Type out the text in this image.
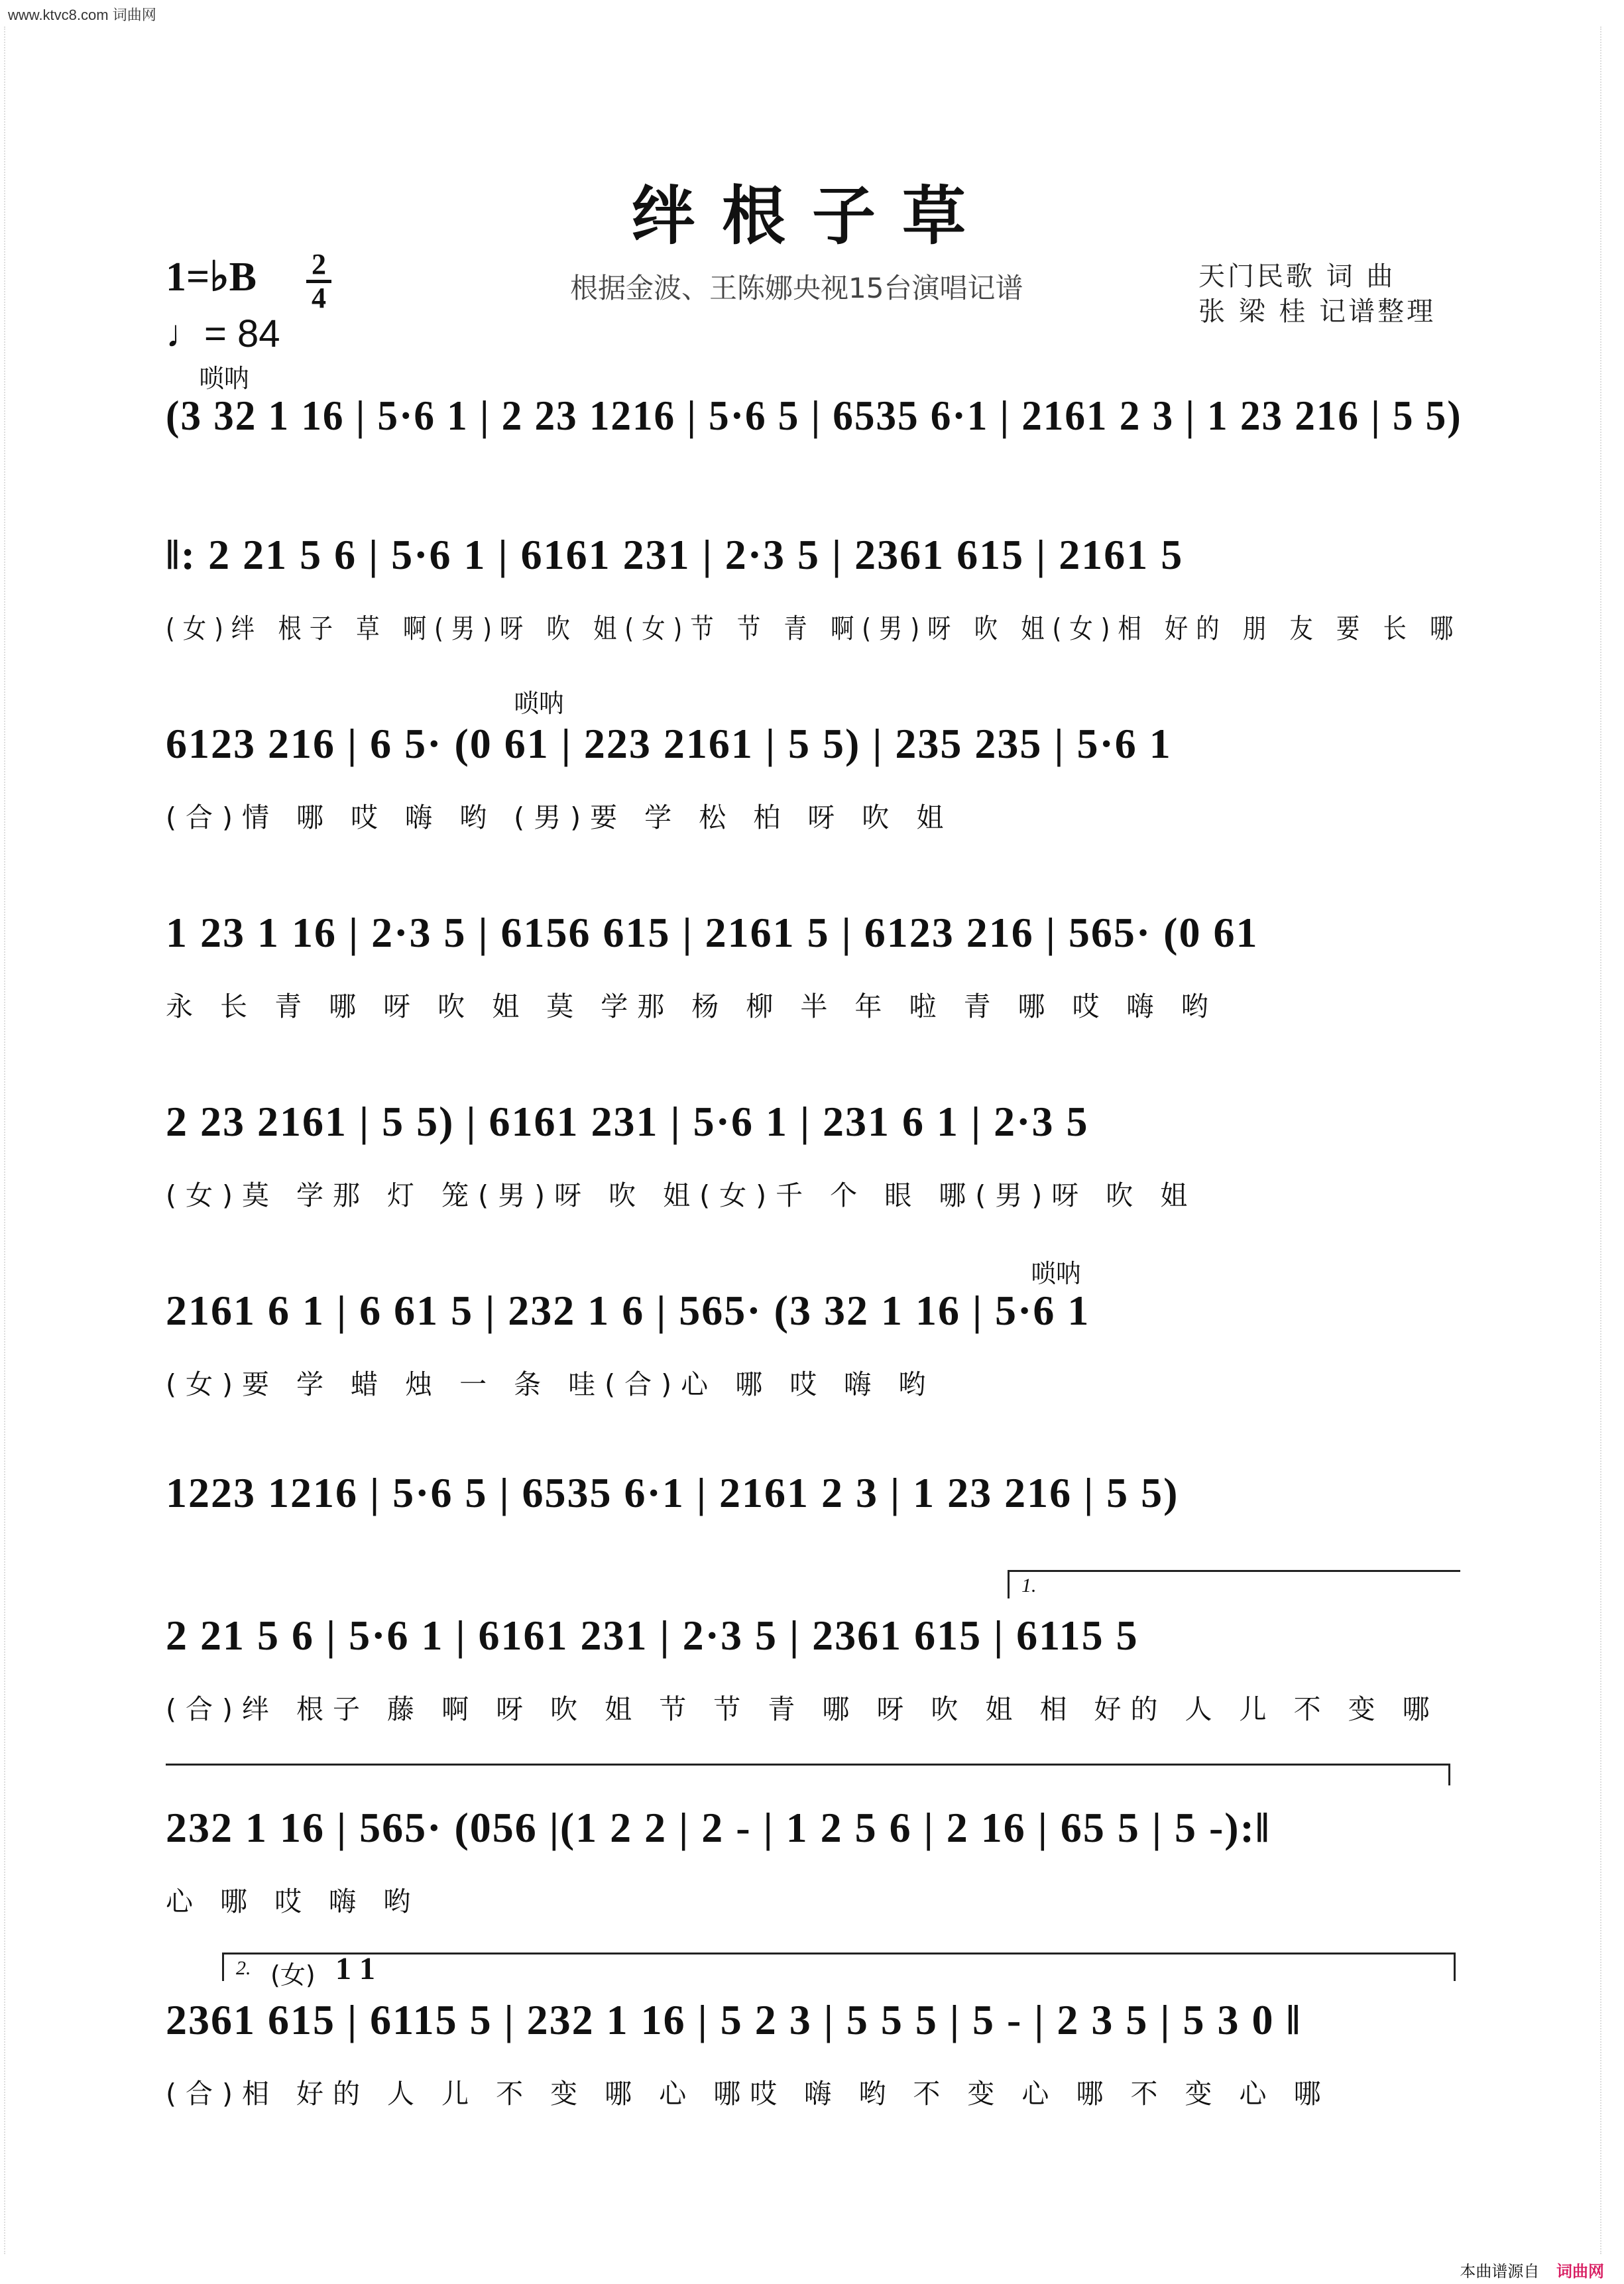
www.ktvc8.com 词曲网
绊根子草
1=♭B 2
4
♩= 84
根据金波、王陈娜央视15台演唱记谱	天门民歌 词 曲
张 梁 桂 记谱整理
唢呐
唢呐
唢呐
(3 32 1 16 | 5·6 1 | 2 23 1216 | 5·6 5 | 6535 6·1 | 2161 2 3 | 1 23 216 | 5 5)
‖: 2 21 5 6 | 5·6 1 | 6161 231 | 2·3 5 | 2361 615 | 2161 5
(女)绊 根子 草 啊(男)呀 吹 姐(女)节 节 青 啊(男)呀 吹 姐(女)相 好的 朋 友 要 长 哪
6123 216 | 6 5· (0 61 | 223 2161 | 5 5) | 235 235 | 5·6 1
(合)情 哪 哎 嗨 哟 (男)要 学 松 柏 呀 吹 姐
1 23 1 16 | 2·3 5 | 6156 615 | 2161 5 | 6123 216 | 565· (0 61
永 长 青 哪 呀 吹 姐 莫 学那 杨 柳 半 年 啦 青 哪 哎 嗨 哟
2 23 2161 | 5 5) | 6161 231 | 5·6 1 | 231 6 1 | 2·3 5
(女)莫 学那 灯 笼(男)呀 吹 姐(女)千 个 眼 哪(男)呀 吹 姐
2161 6 1 | 6 61 5 | 232 1 6 | 565· (3 32 1 16 | 5·6 1
(女)要 学 蜡 烛 一 条 哇(合)心 哪 哎 嗨 哟
1223 1216 | 5·6 5 | 6535 6·1 | 2161 2 3 | 1 23 216 | 5 5)
1.
2 21 5 6 | 5·6 1 | 6161 231 | 2·3 5 | 2361 615 | 6115 5
(合)绊 根子 藤 啊 呀 吹 姐 节 节 青 哪 呀 吹 姐 相 好的 人 儿 不 变 哪
232 1 16 | 565· (056 |(1 2 2 | 2 - | 1 2 5 6 | 2 16 | 65 5 | 5 -):‖
心 哪 哎 嗨 哟
2. (女) 1 1
2361 615 | 6115 5 | 232 1 16 | 5 2 3 | 5 5 5 | 5 - | 2 3 5 | 5 3 0 ‖
(合)相 好的 人 儿 不 变 哪 心 哪哎 嗨 哟 不 变 心 哪 不 变 心 哪
本曲谱源自 词曲网
